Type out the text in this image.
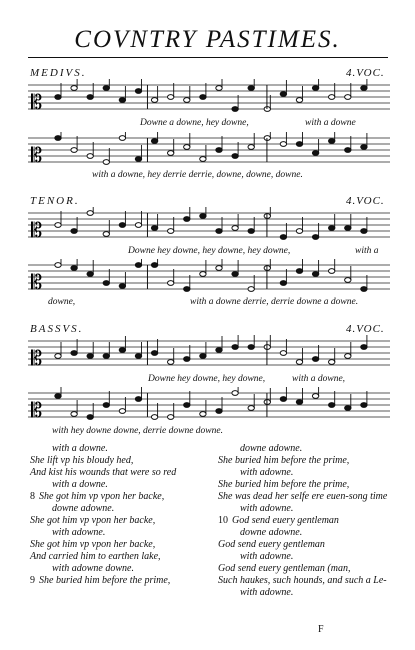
COVNTRY PASTIMES.
MEDIVS.	4.VOC.
𝄡
Downe a downe, hey downe,	with a downe
𝄡
with a downe, hey derrie derrie, downe, downe, downe.
TENOR.	4.VOC.
𝄡
Downe hey downe, hey downe, hey downe,	with a
𝄡
downe,	with a downe derrie, derrie downe a downe.
BASSVS.	4.VOC.
𝄡
Downe hey downe, hey downe,	with a downe,
𝄡
with hey downe downe, derrie downe downe.
with a downe.
She lift vp his bloudy hed,
And kist his wounds that were so red
with a downe.
8 She got him vp vpon her backe,
downe adowne.
She got him vp vpon her backe,
with adowne.
She got him vp vpon her backe,
And carried him to earthen lake,
with adowne downe.
9 She buried him before the prime,
downe adowne.
She buried him before the prime,
with adowne.
She buried him before the prime,
She was dead her selfe ere euen-song time
with adowne.
10 God send euery gentleman
downe adowne.
God send euery gentleman
with adowne.
God send euery gentleman (man,
Such haukes, such hounds, and such a Le-
with adowne.
F
